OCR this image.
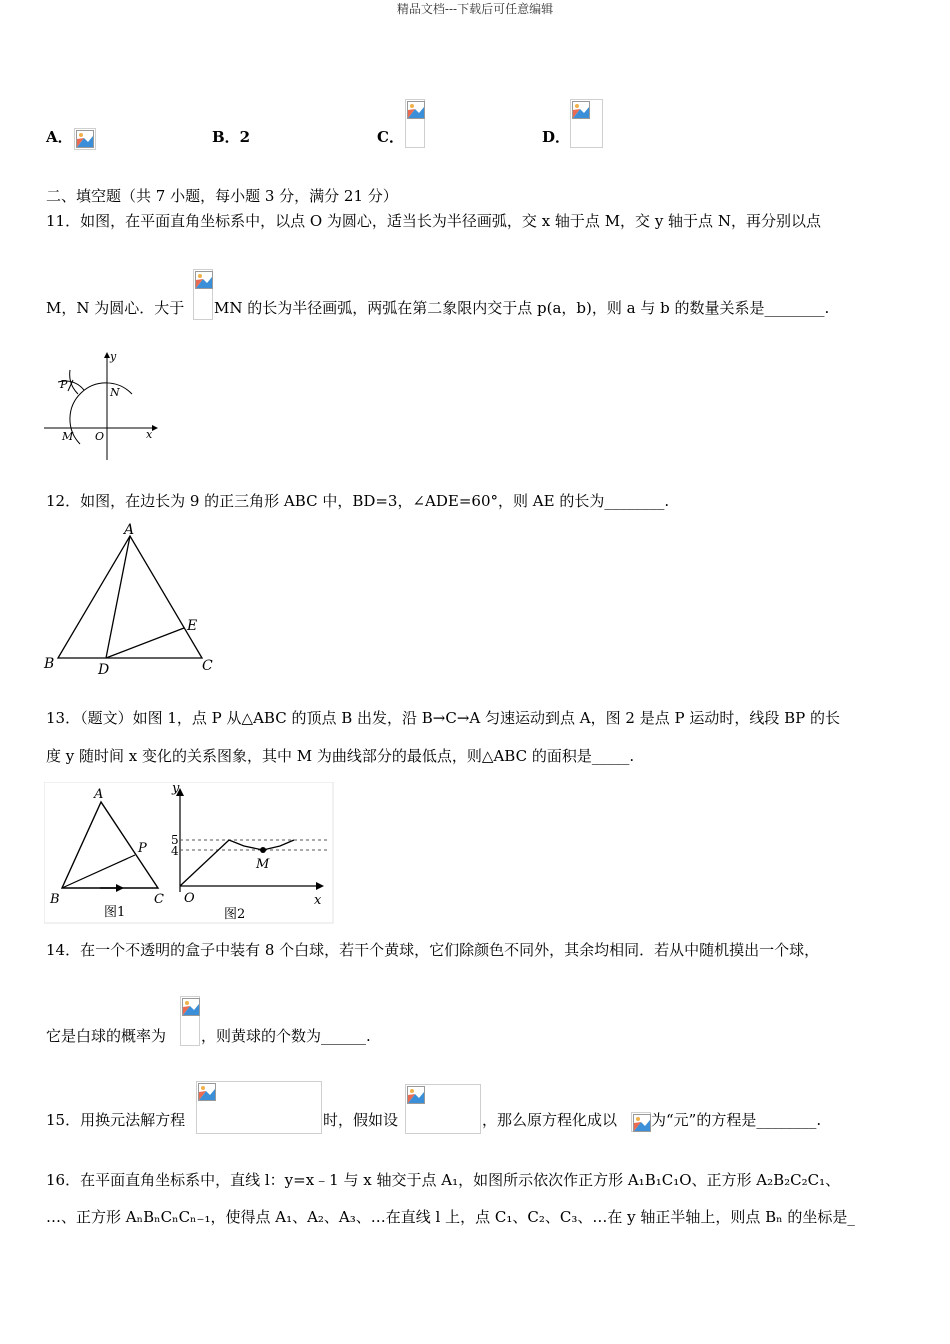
精品文档---下载后可任意编辑
A．	B．2	C．	D．
二、填空题（共 7 小题，每小题 3 分，满分 21 分）
11．如图，在平面直角坐标系中，以点 O 为圆心，适当长为半径画弧，交 x 轴于点 M，交 y 轴于点 N，再分别以点
M，N 为圆心．大于 MN 的长为半径画弧，两弧在第二象限内交于点 p(a，b)，则 a 与 b 的数量关系是________.
y
x
P
N
M O
12．如图，在边长为 9 的正三角形 ABC 中，BD=3，∠ADE=60°，则 AE 的长为________.
A
B	C
D
E
13．（题文）如图 1，点 P 从△ABC 的顶点 B 出发，沿 B→C→A 匀速运动到点 A，图 2 是点 P 运动时，线段 BP 的长
度 y 随时间 x 变化的关系图象，其中 M 为曲线部分的最低点，则△ABC 的面积是_____.
A
B	C
P
图1
5
4
y
x
O
M
图2
14．在一个不透明的盒子中装有 8 个白球，若干个黄球，它们除颜色不同外，其余均相同．若从中随机摸出一个球，
它是白球的概率为 ，则黄球的个数为______.
15．用换元法解方程	时，假如设	，那么原方程化成以 为“元”的方程是________.
16．在平面直角坐标系中，直线 l：y=x﹣1 与 x 轴交于点 A₁，如图所示依次作正方形 A₁B₁C₁O、正方形 A₂B₂C₂C₁、
…、正方形 AₙBₙCₙCₙ₋₁，使得点 A₁、A₂、A₃、…在直线 l 上，点 C₁、C₂、C₃、…在 y 轴正半轴上，则点 Bₙ 的坐标是_
